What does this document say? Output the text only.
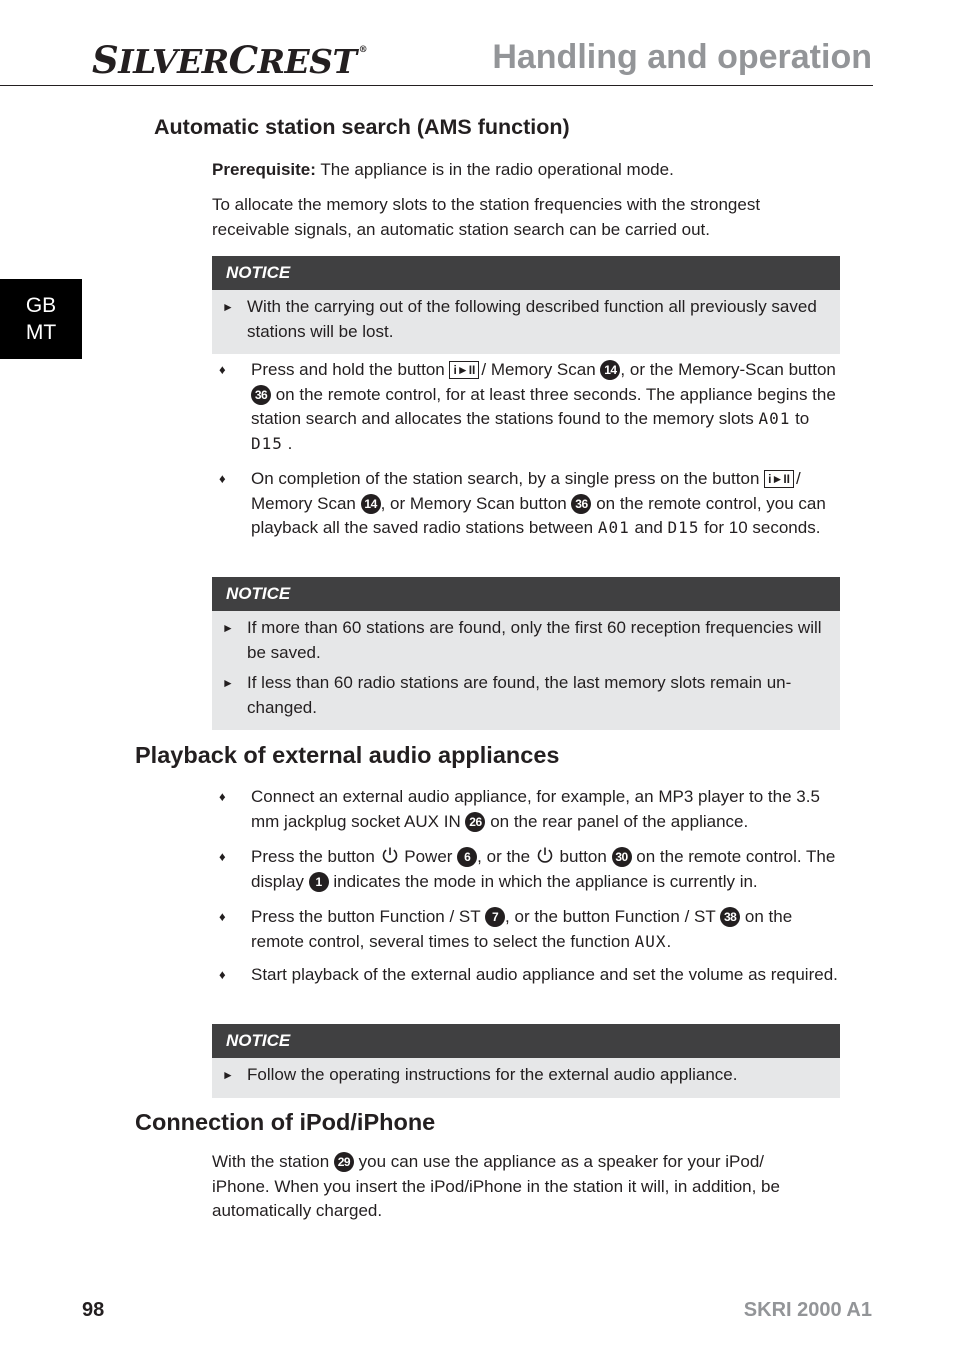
SILVERCREST ®	Handling and operation
GB
MT
Automatic station search (AMS function)

Prerequisite: The appliance is in the radio operational mode.

To allocate the memory slots to the station frequencies with the strongest receivable signals, an automatic station search can be carried out.

NOTICE
► With the carrying out of the following described function all previously saved stations will be lost.
♦ Press and hold the button i►II / Memory Scan 14 , or the Memory-Scan button 36 on the remote control, for at least three seconds. The appliance begins the station search and allocates the stations found to the memory slots A01 to D15 .
♦ On completion of the station search, by a single press on the button i►II / Memory Scan 14 , or Memory Scan button 36 on the remote control, you can playback all the saved radio stations between A01 and D15 for 10 seconds.
NOTICE
► If more than 60 stations are found, only the first 60 reception frequencies will be saved.
► If less than 60 radio stations are found, the last memory slots remain un-changed.
Playback of external audio appliances
♦ Connect an external audio appliance, for example, an MP3 player to the 3.5 mm jackplug socket AUX IN 26 on the rear panel of the appliance.
♦ Press the button  Power 6 , or the  button 30 on the remote control. The display 1 indicates the mode in which the appliance is currently in.
♦ Press the button Function / ST 7 , or the button Function / ST 38 on the remote control, several times to select the function AUX.
♦ Start playback of the external audio appliance and set the volume as required.
NOTICE
► Follow the operating instructions for the external audio appliance.
Connection of iPod/iPhone

With the station 29 you can use the appliance as a speaker for your iPod/ iPhone. When you insert the iPod/iPhone in the station it will, in addition, be automatically charged.

98	SKRI 2000 A1
